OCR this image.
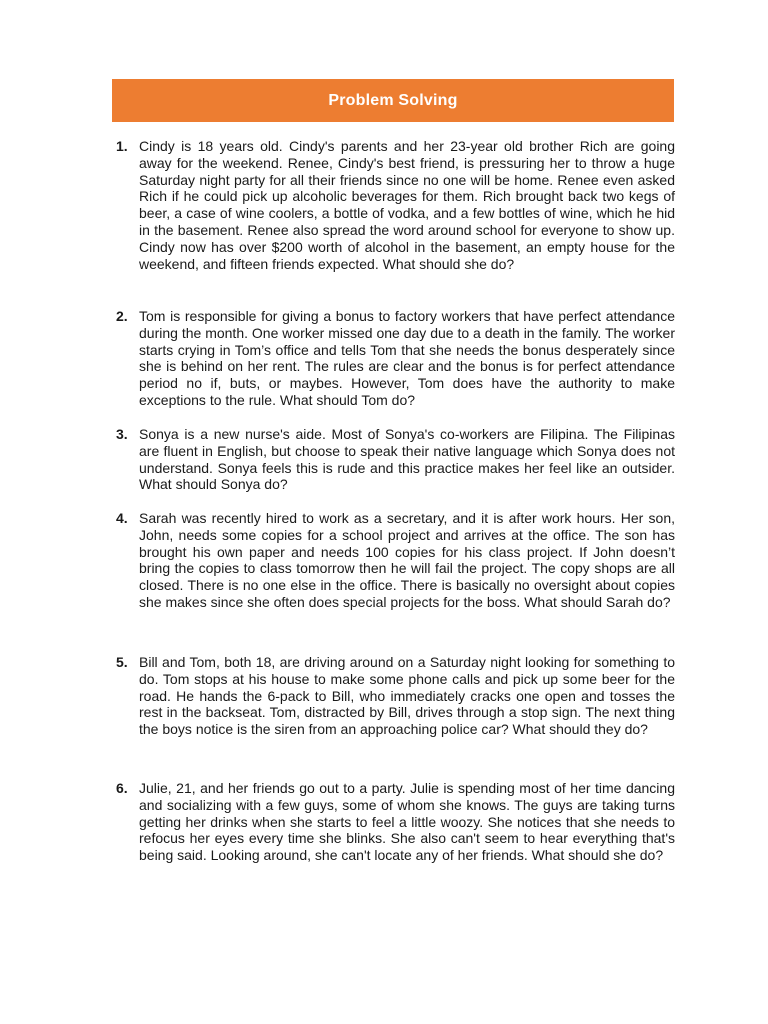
Problem Solving
1. Cindy is 18 years old. Cindy's parents and her 23-year old brother Rich are going away for the weekend. Renee, Cindy's best friend, is pressuring her to throw a huge Saturday night party for all their friends since no one will be home. Renee even asked Rich if he could pick up alcoholic beverages for them. Rich brought back two kegs of beer, a case of wine coolers, a bottle of vodka, and a few bottles of wine, which he hid in the basement. Renee also spread the word around school for everyone to show up. Cindy now has over $200 worth of alcohol in the basement, an empty house for the weekend, and fifteen friends expected. What should she do?

2. Tom is responsible for giving a bonus to factory workers that have perfect attendance during the month. One worker missed one day due to a death in the family. The worker starts crying in Tom’s office and tells Tom that she needs the bonus desperately since she is behind on her rent. The rules are clear and the bonus is for perfect attendance period no if, buts, or maybes. However, Tom does have the authority to make exceptions to the rule. What should Tom do?

3. Sonya is a new nurse's aide. Most of Sonya's co-workers are Filipina. The Filipinas are fluent in English, but choose to speak their native language which Sonya does not understand. Sonya feels this is rude and this practice makes her feel like an outsider. What should Sonya do?

4. Sarah was recently hired to work as a secretary, and it is after work hours. Her son, John, needs some copies for a school project and arrives at the office. The son has brought his own paper and needs 100 copies for his class project. If John doesn’t bring the copies to class tomorrow then he will fail the project. The copy shops are all closed. There is no one else in the office. There is basically no oversight about copies she makes since she often does special projects for the boss. What should Sarah do?

5. Bill and Tom, both 18, are driving around on a Saturday night looking for something to do. Tom stops at his house to make some phone calls and pick up some beer for the road. He hands the 6-pack to Bill, who immediately cracks one open and tosses the rest in the backseat. Tom, distracted by Bill, drives through a stop sign. The next thing the boys notice is the siren from an approaching police car? What should they do?

6. Julie, 21, and her friends go out to a party. Julie is spending most of her time dancing and socializing with a few guys, some of whom she knows. The guys are taking turns getting her drinks when she starts to feel a little woozy. She notices that she needs to refocus her eyes every time she blinks. She also can't seem to hear everything that's being said. Looking around, she can't locate any of her friends. What should she do?
